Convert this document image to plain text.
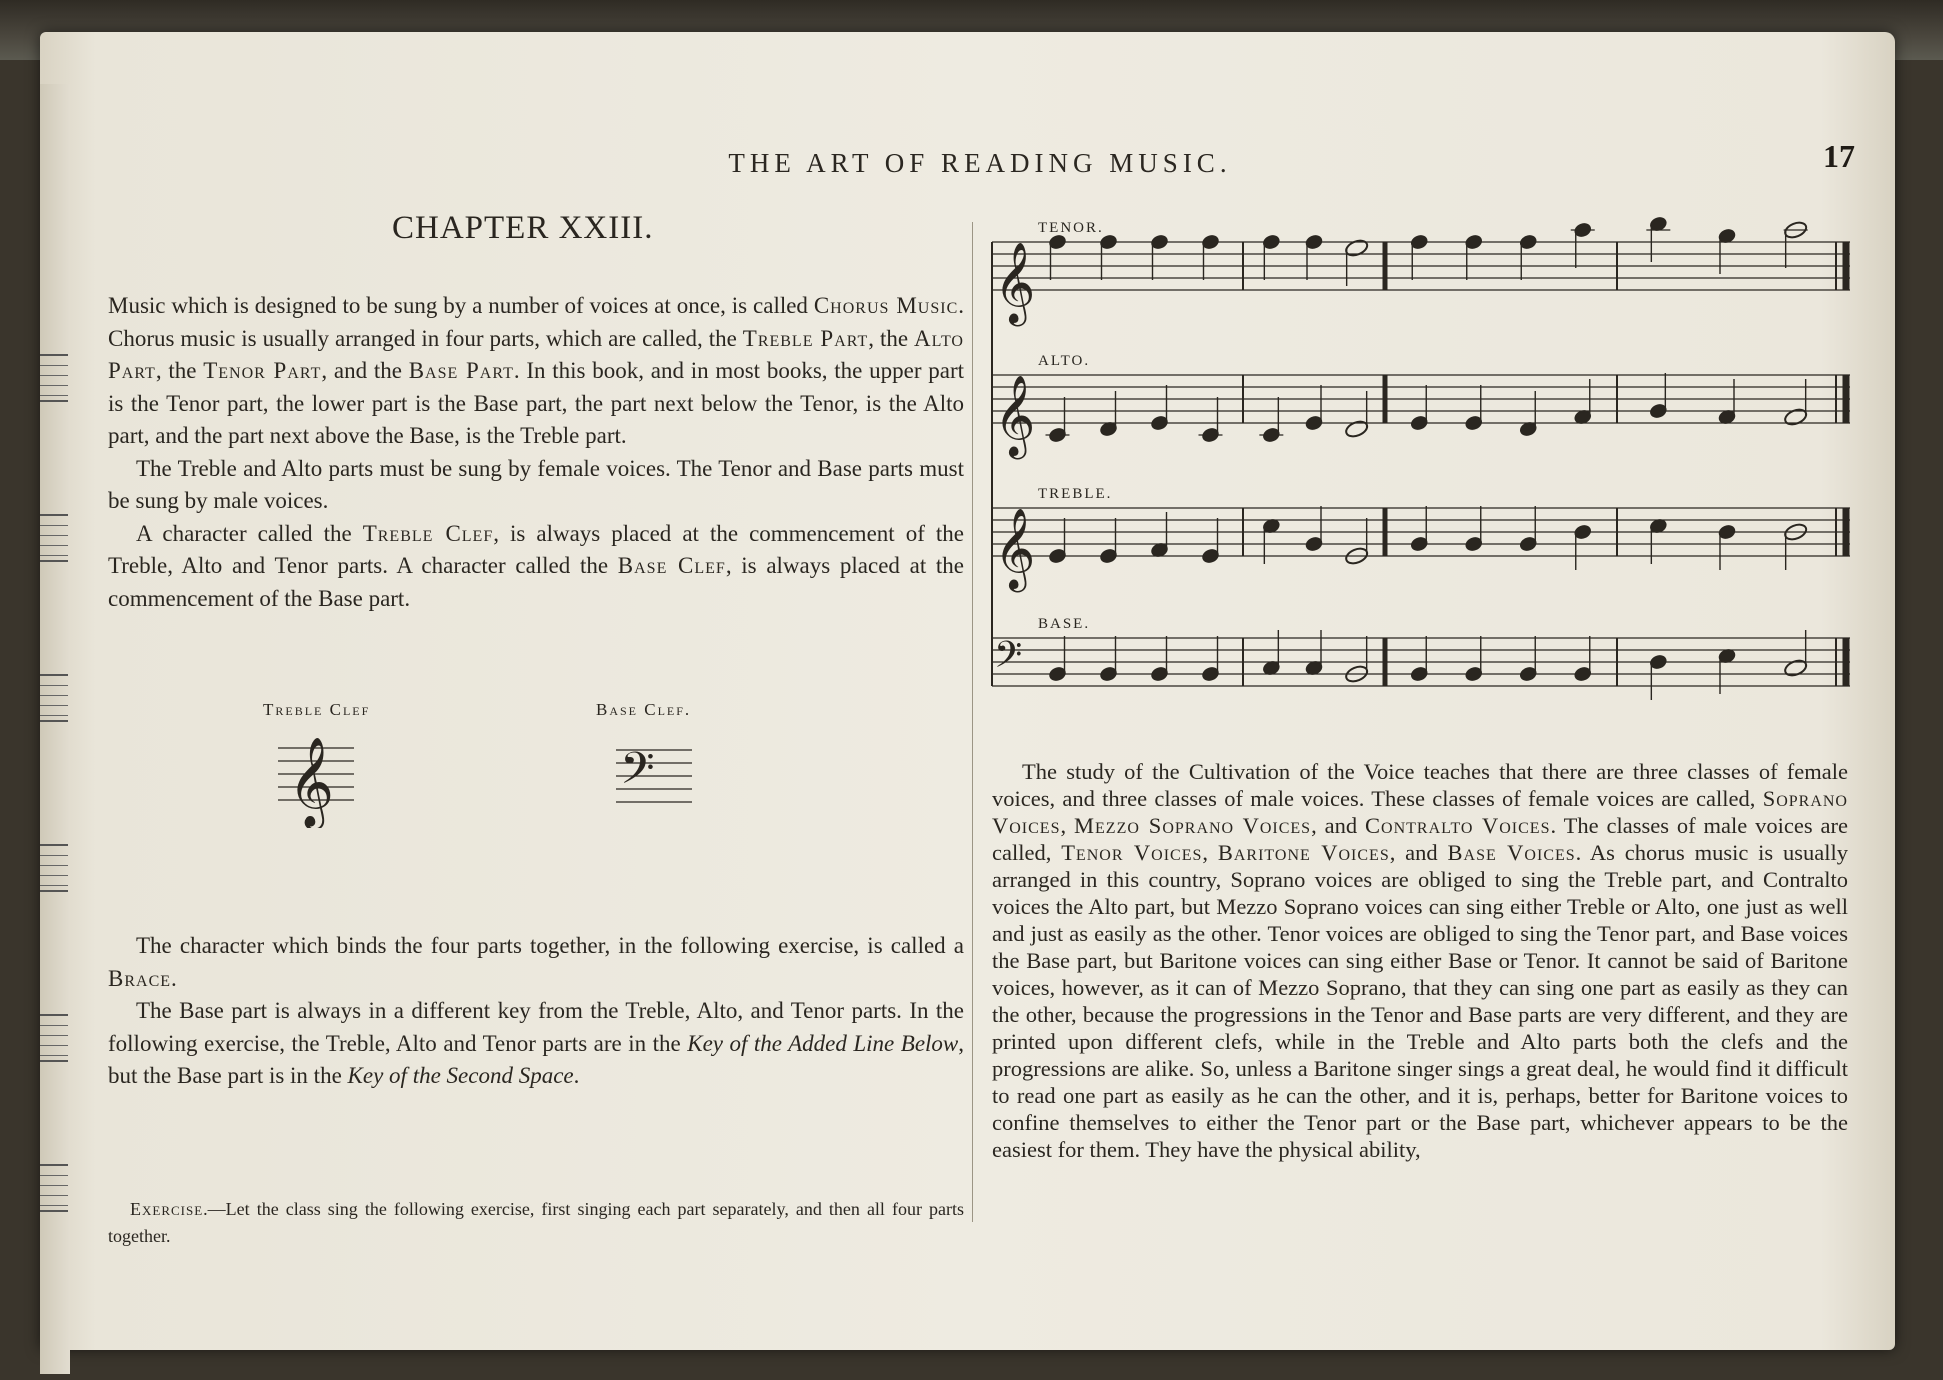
THE ART OF READING MUSIC.	17
CHAPTER XXIII.

Music which is designed to be sung by a number of voices at once, is called Chorus Music. Chorus music is usually arranged in four parts, which are called, the Treble Part, the Alto Part, the Tenor Part, and the Base Part. In this book, and in most books, the upper part is the Tenor part, the lower part is the Base part, the part next below the Tenor, is the Alto part, and the part next above the Base, is the Treble part.

The Treble and Alto parts must be sung by female voices. The Tenor and Base parts must be sung by male voices.

A character called the Treble Clef, is always placed at the commencement of the Treble, Alto and Tenor parts. A character called the Base Clef, is always placed at the commencement of the Base part.

Treble Clef	Base Clef.
𝄞	𝄢

The character which binds the four parts together, in the following exercise, is called a Brace.

The Base part is always in a different key from the Treble, Alto, and Tenor parts. In the following exercise, the Treble, Alto and Tenor parts are in the Key of the Added Line Below, but the Base part is in the Key of the Second Space.

Exercise.—Let the class sing the following exercise, first singing each part separately, and then all four parts together.

TENOR.
𝄞
ALTO.
𝄞
TREBLE.
𝄞
BASE.
𝄢

The study of the Cultivation of the Voice teaches that there are three classes of female voices, and three classes of male voices. These classes of female voices are called, Soprano Voices, Mezzo Soprano Voices, and Contralto Voices. The classes of male voices are called, Tenor Voices, Baritone Voices, and Base Voices. As chorus music is usually arranged in this country, Soprano voices are obliged to sing the Treble part, and Contralto voices the Alto part, but Mezzo Soprano voices can sing either Treble or Alto, one just as well and just as easily as the other. Tenor voices are obliged to sing the Tenor part, and Base voices the Base part, but Baritone voices can sing either Base or Tenor. It cannot be said of Baritone voices, however, as it can of Mezzo Soprano, that they can sing one part as easily as they can the other, because the progressions in the Tenor and Base parts are very different, and they are printed upon different clefs, while in the Treble and Alto parts both the clefs and the progressions are alike. So, unless a Baritone singer sings a great deal, he would find it difficult to read one part as easily as he can the other, and it is, perhaps, better for Baritone voices to confine themselves to either the Tenor part or the Base part, whichever appears to be the easiest for them. They have the physical ability,
